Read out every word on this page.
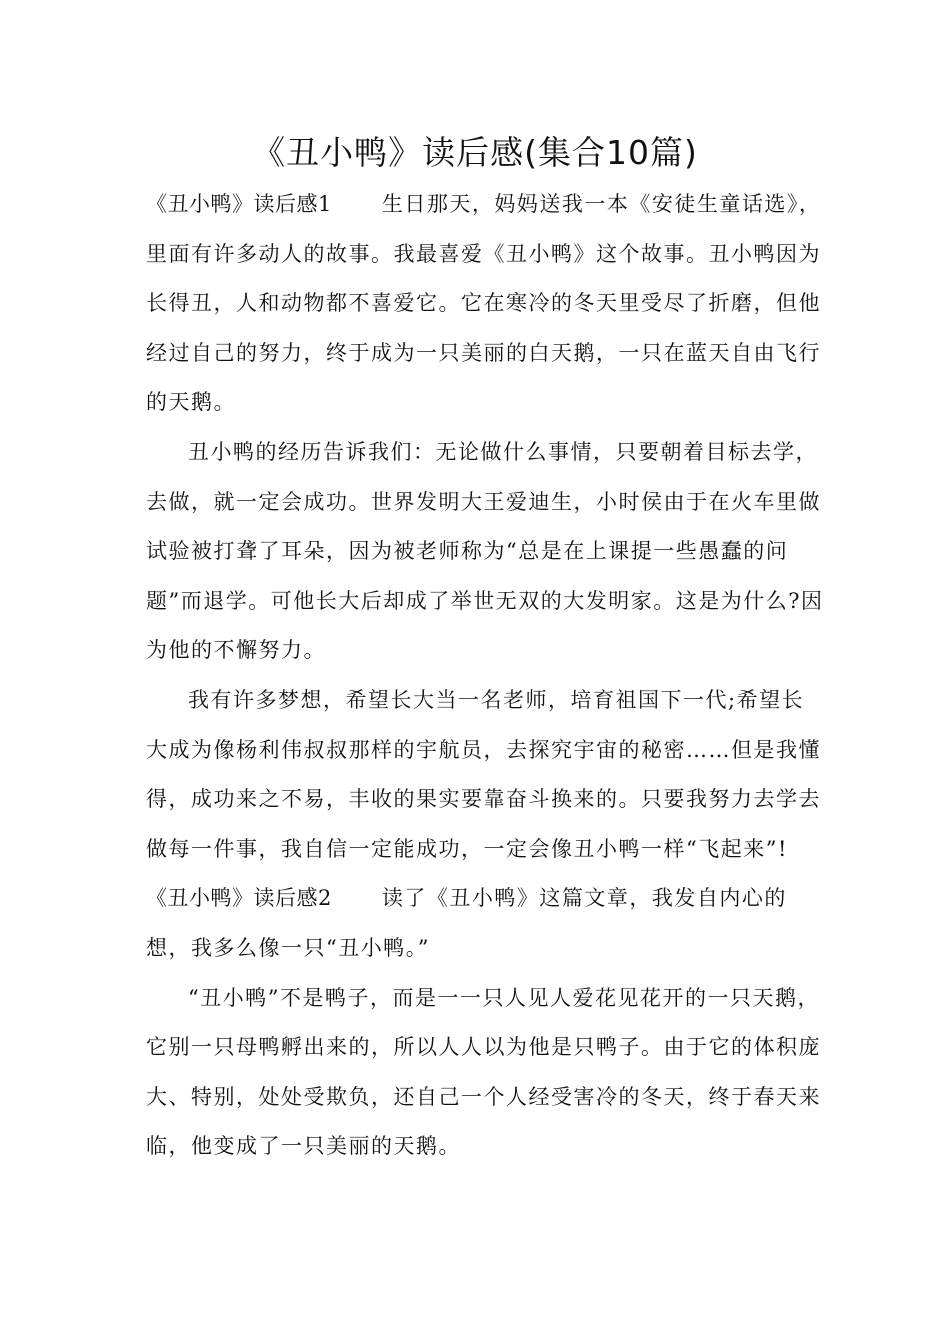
《丑小鸭》读后感(集合10篇)

《丑小鸭》读后感1 生日那天，妈妈送我一本《安徒生童话选》，里面有许多动人的故事。我最喜爱《丑小鸭》这个故事。丑小鸭因为长得丑，人和动物都不喜爱它。它在寒冷的冬天里受尽了折磨，但他经过自己的努力，终于成为一只美丽的白天鹅，一只在蓝天自由飞行的天鹅。

丑小鸭的经历告诉我们：无论做什么事情，只要朝着目标去学，去做，就一定会成功。世界发明大王爱迪生，小时侯由于在火车里做试验被打聋了耳朵，因为被老师称为“总是在上课提一些愚蠢的问题”而退学。可他长大后却成了举世无双的大发明家。这是为什么?因为他的不懈努力。

我有许多梦想，希望长大当一名老师，培育祖国下一代;希望长大成为像杨利伟叔叔那样的宇航员，去探究宇宙的秘密……但是我懂得，成功来之不易，丰收的果实要靠奋斗换来的。只要我努力去学去做每一件事，我自信一定能成功，一定会像丑小鸭一样“飞起来”!

《丑小鸭》读后感2 读了《丑小鸭》这篇文章，我发自内心的想，我多么像一只“丑小鸭。”

“丑小鸭”不是鸭子，而是一一只人见人爱花见花开的一只天鹅，它别一只母鸭孵出来的，所以人人以为他是只鸭子。由于它的体积庞大、特别，处处受欺负，还自己一个人经受害冷的冬天，终于春天来临，他变成了一只美丽的天鹅。
